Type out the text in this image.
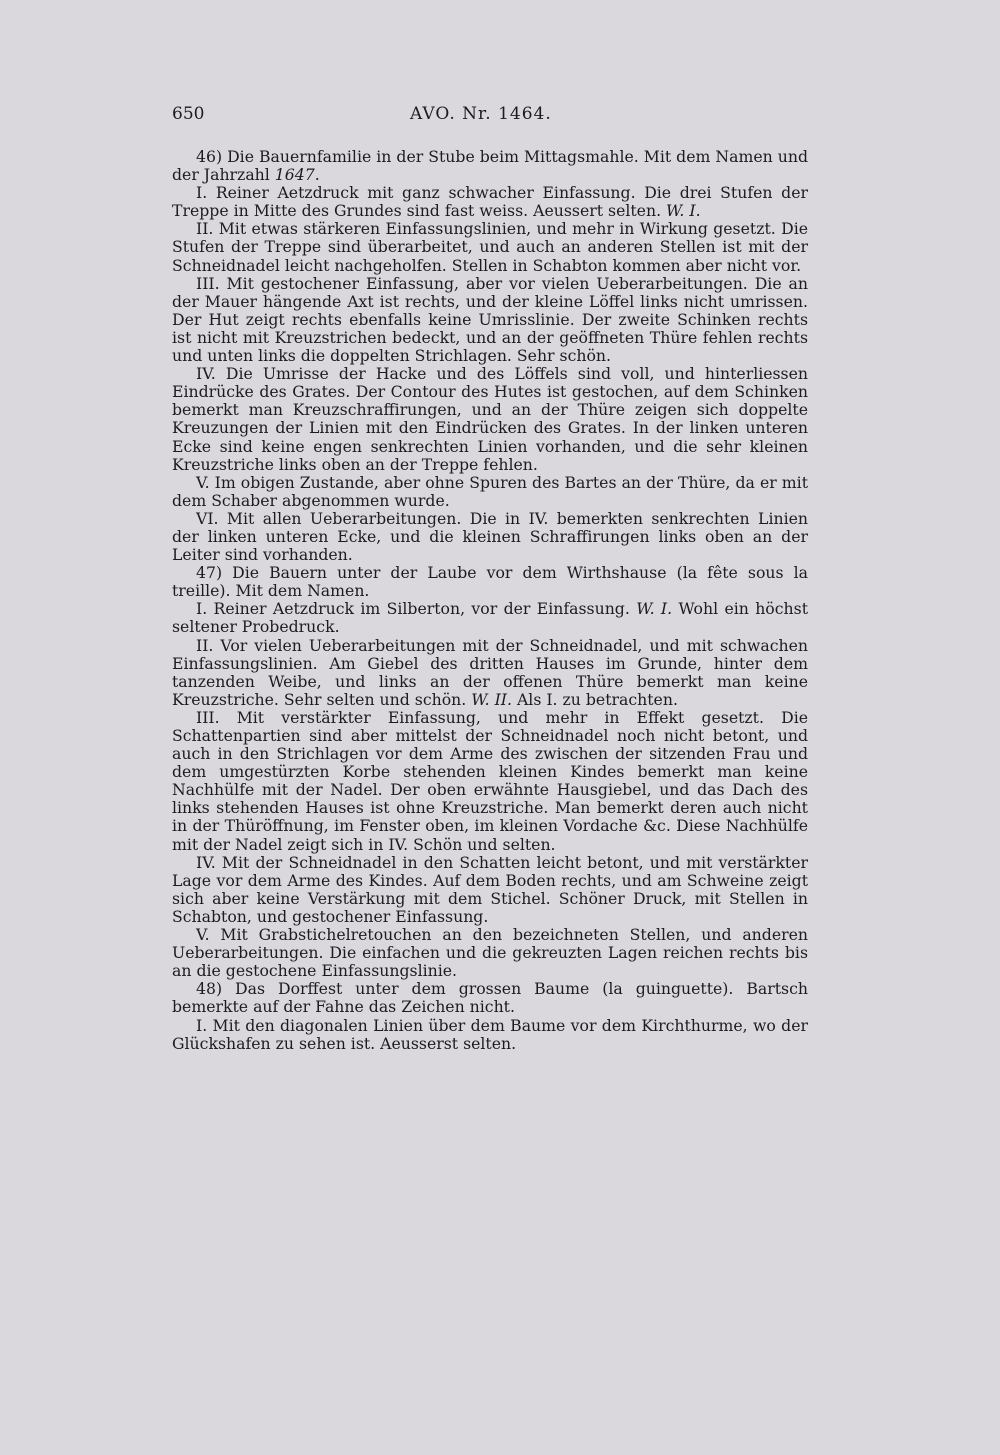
650	AVO. Nr. 1464.

46) Die Bauernfamilie in der Stube beim Mittagsmahle. Mit dem Namen und der Jahrzahl 1647.

I. Reiner Aetzdruck mit ganz schwacher Einfassung. Die drei Stufen der Treppe in Mitte des Grundes sind fast weiss. Aeussert selten. W. I.

II. Mit etwas stärkeren Einfassungslinien, und mehr in Wirkung gesetzt. Die Stufen der Treppe sind überarbeitet, und auch an anderen Stellen ist mit der Schneidnadel leicht nachgeholfen. Stellen in Schabton kommen aber nicht vor.

III. Mit gestochener Einfassung, aber vor vielen Ueberarbeitungen. Die an der Mauer hängende Axt ist rechts, und der kleine Löffel links nicht umrissen. Der Hut zeigt rechts ebenfalls keine Umrisslinie. Der zweite Schinken rechts ist nicht mit Kreuzstrichen bedeckt, und an der geöffneten Thüre fehlen rechts und unten links die doppelten Strichlagen. Sehr schön.

IV. Die Umrisse der Hacke und des Löffels sind voll, und hinterliessen Eindrücke des Grates. Der Contour des Hutes ist gestochen, auf dem Schinken bemerkt man Kreuzschraffirungen, und an der Thüre zeigen sich doppelte Kreuzungen der Linien mit den Eindrücken des Grates. In der linken unteren Ecke sind keine engen senkrechten Linien vorhanden, und die sehr kleinen Kreuzstriche links oben an der Treppe fehlen.

V. Im obigen Zustande, aber ohne Spuren des Bartes an der Thüre, da er mit dem Schaber abgenommen wurde.

VI. Mit allen Ueberarbeitungen. Die in IV. bemerkten senkrechten Linien der linken unteren Ecke, und die kleinen Schraffirungen links oben an der Leiter sind vorhanden.

47) Die Bauern unter der Laube vor dem Wirthshause (la fête sous la treille). Mit dem Namen.

I. Reiner Aetzdruck im Silberton, vor der Einfassung. W. I. Wohl ein höchst seltener Probedruck.

II. Vor vielen Ueberarbeitungen mit der Schneidnadel, und mit schwachen Einfassungslinien. Am Giebel des dritten Hauses im Grunde, hinter dem tanzenden Weibe, und links an der offenen Thüre bemerkt man keine Kreuzstriche. Sehr selten und schön. W. II. Als I. zu betrachten.

III. Mit verstärkter Einfassung, und mehr in Effekt gesetzt. Die Schattenpartien sind aber mittelst der Schneidnadel noch nicht betont, und auch in den Strichlagen vor dem Arme des zwischen der sitzenden Frau und dem umgestürzten Korbe stehenden kleinen Kindes bemerkt man keine Nachhülfe mit der Nadel. Der oben erwähnte Hausgiebel, und das Dach des links stehenden Hauses ist ohne Kreuzstriche. Man bemerkt deren auch nicht in der Thüröffnung, im Fenster oben, im kleinen Vordache &c. Diese Nachhülfe mit der Nadel zeigt sich in IV. Schön und selten.

IV. Mit der Schneidnadel in den Schatten leicht betont, und mit verstärkter Lage vor dem Arme des Kindes. Auf dem Boden rechts, und am Schweine zeigt sich aber keine Verstärkung mit dem Stichel. Schöner Druck, mit Stellen in Schabton, und gestochener Einfassung.

V. Mit Grabstichelretouchen an den bezeichneten Stellen, und anderen Ueberarbeitungen. Die einfachen und die gekreuzten Lagen reichen rechts bis an die gestochene Einfassungslinie.

48) Das Dorffest unter dem grossen Baume (la guinguette). Bartsch bemerkte auf der Fahne das Zeichen nicht.

I. Mit den diagonalen Linien über dem Baume vor dem Kirchthurme, wo der Glückshafen zu sehen ist. Aeusserst selten.
